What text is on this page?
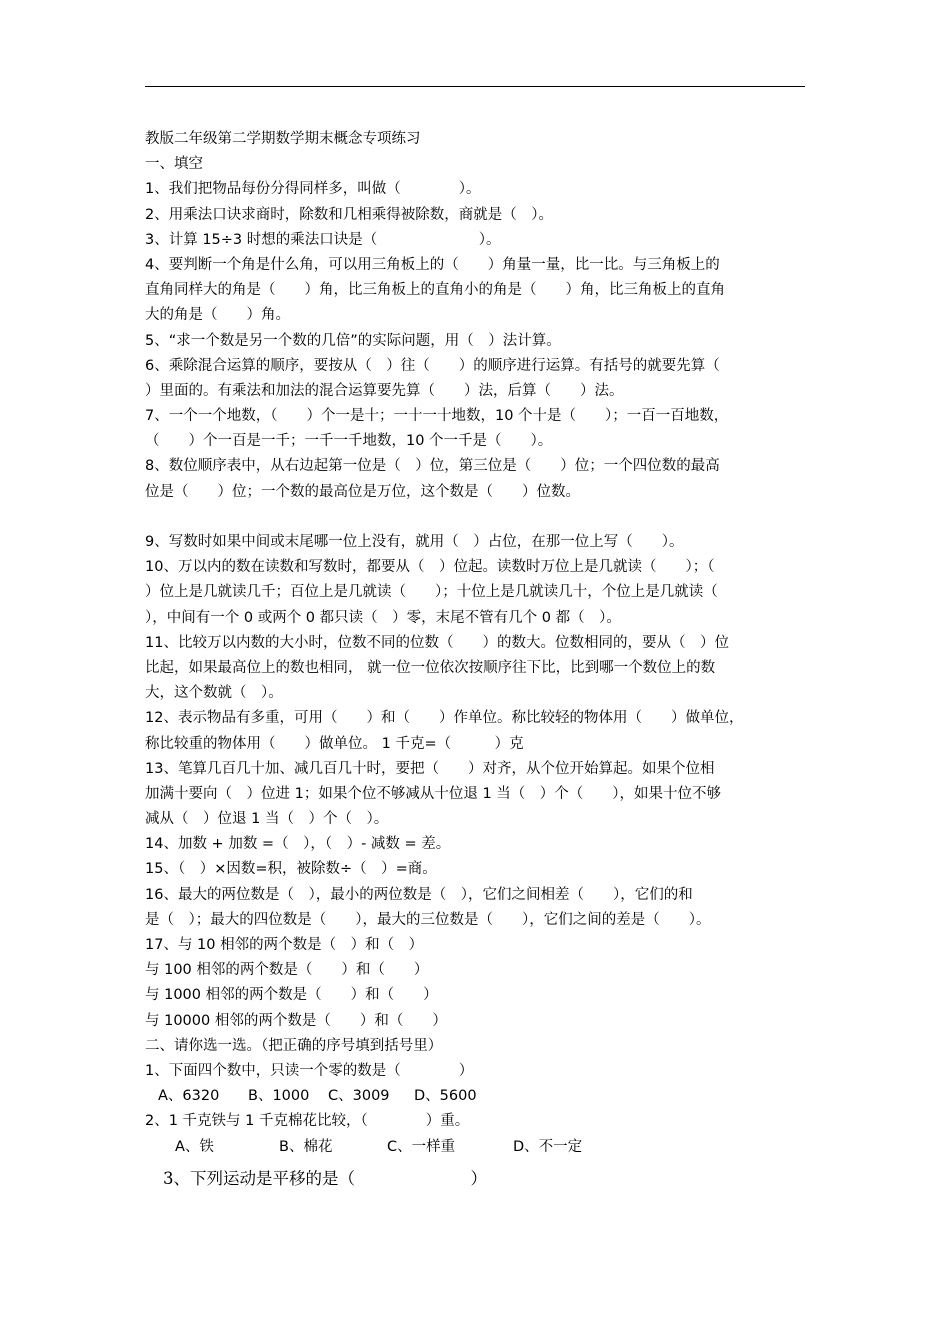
教版二年级第二学期数学期末概念专项练习
一、填空
1、我们把物品每份分得同样多，叫做（　　　　）。
2、用乘法口诀求商时，除数和几相乘得被除数，商就是（　）。
3、计算 15÷3 时想的乘法口诀是（　　　　　　　）。
4、要判断一个角是什么角，可以用三角板上的（　　）角量一量，比一比。与三角板上的
直角同样大的角是（　　）角，比三角板上的直角小的角是（　　）角，比三角板上的直角
大的角是（　　）角。
5、“求一个数是另一个数的几倍”的实际问题，用（　）法计算。
6、乘除混合运算的顺序，要按从（　）往（　　）的顺序进行运算。有括号的就要先算（
）里面的。有乘法和加法的混合运算要先算（　　）法，后算（　　）法。
7、一个一个地数，（　　）个一是十；一十一十地数，10 个十是（　　）；一百一百地数，
（　　）个一百是一千；一千一千地数，10 个一千是（　　）。
8、数位顺序表中，从右边起第一位是（　）位，第三位是（　　）位；一个四位数的最高
位是（　　）位；一个数的最高位是万位，这个数是（　　）位数。
9、写数时如果中间或末尾哪一位上没有，就用（　）占位，在那一位上写（　　）。
10、万以内的数在读数和写数时，都要从（　）位起。读数时万位上是几就读（　　）；（
）位上是几就读几千；百位上是几就读（　　）；十位上是几就读几十，个位上是几就读（
），中间有一个 0 或两个 0 都只读（　）零，末尾不管有几个 0 都（　）。
11、比较万以内数的大小时，位数不同的位数（　　）的数大。位数相同的，要从（　）位
比起，如果最高位上的数也相同， 就一位一位依次按顺序往下比，比到哪一个数位上的数
大，这个数就（　）。
12、表示物品有多重，可用（　　）和（　　）作单位。称比较轻的物体用（　　）做单位，
称比较重的物体用（　　）做单位。 1 千克=（　　　）克
13、笔算几百几十加、减几百几十时，要把（　　）对齐，从个位开始算起。如果个位相
加满十要向（　）位进 1；如果个位不够减从十位退 1 当（　）个（　　），如果十位不够
减从（　）位退 1 当（　）个（　）。
14、加数 + 加数 =（　），（　）- 减数 = 差。
15、（　）×因数=积，被除数÷（　）=商。
16、最大的两位数是（　），最小的两位数是（　），它们之间相差（　　），它们的和
是（　）；最大的四位数是（　　），最大的三位数是（　　），它们之间的差是（　　）。
17、与 10 相邻的两个数是（　）和（　）
与 100 相邻的两个数是（　　）和（　　）
与 1000 相邻的两个数是（　　）和（　　）
与 10000 相邻的两个数是（　　）和（　　）
二、请你选一选。（把正确的序号填到括号里）
1、下面四个数中，只读一个零的数是（　　　　）
A、6320 B、1000 C、3009 D、5600
2、1 千克铁与 1 千克棉花比较，（　　　　）重。
A、铁	B、棉花	C、一样重	D、不一定
3、下列运动是平移的是（　　　　　　　）
